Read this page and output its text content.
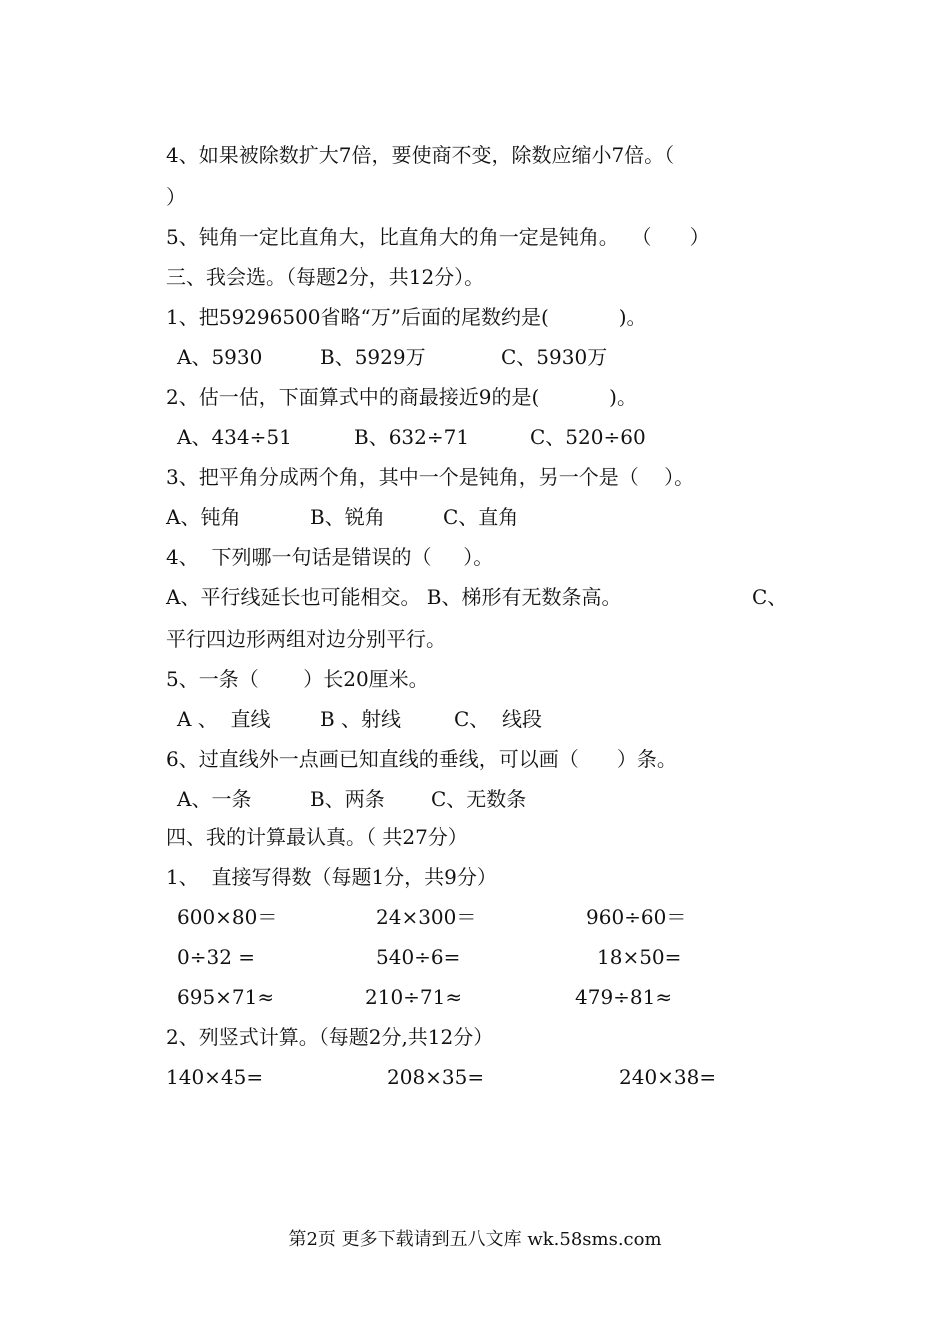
4、如果被除数扩大7倍，要使商不变，除数应缩小7倍。（
）
5、钝角一定比直角大，比直角大的角一定是钝角。  （      ）
三、我会选。（每题2分，共12分）。
1、把59296500省略“万”后面的尾数约是(           )。
A、5930	B、5929万	C、5930万
2、估一估，下面算式中的商最接近9的是(           )。
A、434÷51	B、632÷71	C、520÷60
3、把平角分成两个角，其中一个是钝角，另一个是（    ）。
A、钝角	B、锐角	C、直角
4、  下列哪一句话是错误的（     ）。
A、平行线延长也可能相交。 B、梯形有无数条高。	C、
平行四边形两组对边分别平行。
5、一条（       ）长20厘米。
A 、  直线 B 、射线	C、  线段
6、过直线外一点画已知直线的垂线，可以画（      ）条。
A、一条	B、两条 C、无数条
四、我的计算最认真。（ 共27分）
1、  直接写得数（每题1分，共9分）
600×80＝	24×300＝	960÷60＝
0÷32 =	540÷6=	18×50=
695×71≈	210÷71≈	479÷81≈
2、列竖式计算。（每题2分,共12分）
140×45=	208×35=	240×38=
第2页 更多下载请到五八文库 wk.58sms.com
